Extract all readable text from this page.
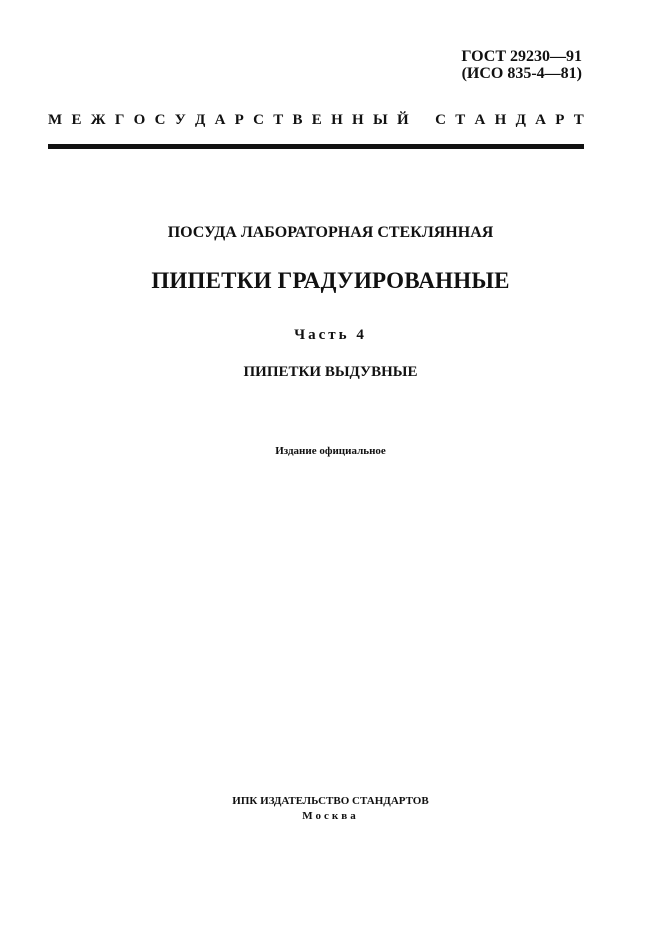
ГОСТ 29230—91
(ИСО 835-4—81)
М Е Ж Г О С У Д А Р С Т В Е Н Н Ы Й С Т А Н Д А Р Т
ПОСУДА ЛАБОРАТОРНАЯ СТЕКЛЯННАЯ
ПИПЕТКИ ГРАДУИРОВАННЫЕ
Часть 4
ПИПЕТКИ ВЫДУВНЫЕ
Издание официальное
ИПК ИЗДАТЕЛЬСТВО СТАНДАРТОВ
Москва
